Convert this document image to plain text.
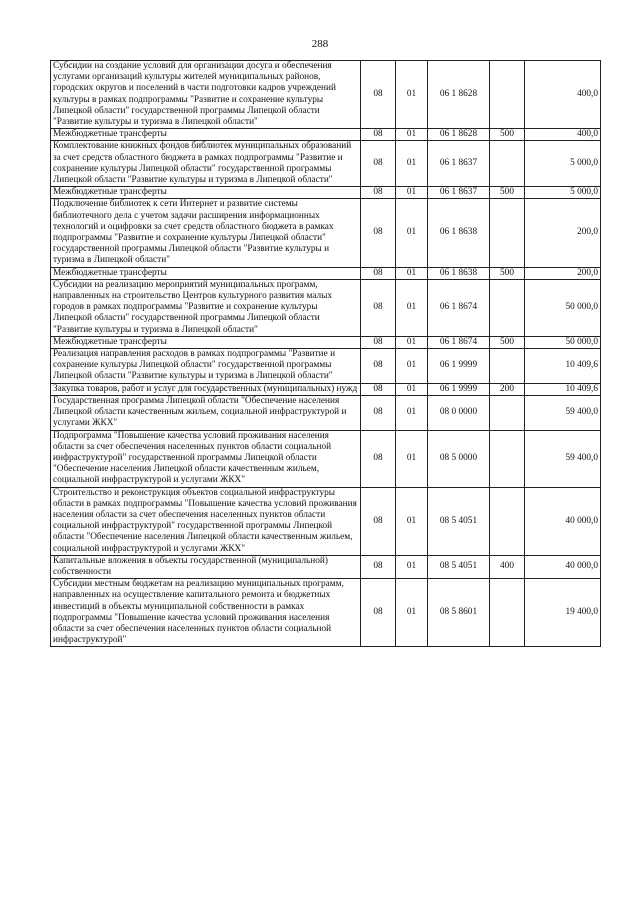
288
Субсидии на создание условий для организации досуга и обеспечения услугами организаций культуры жителей муниципальных районов, городских округов и поселений в части подготовки кадров учреждений культуры в рамках подпрограммы "Развитие и сохранение культуры Липецкой области" государственной программы Липецкой области "Развитие культуры и туризма в Липецкой области"	08	01	06 1 8628		400,0
Межбюджетные трансферты	08	01	06 1 8628	500	400,0
Комплектование книжных фондов библиотек муниципальных образований за счет средств областного бюджета в рамках подпрограммы "Развитие и сохранение культуры Липецкой области" государственной программы Липецкой области "Развитие культуры и туризма в Липецкой области"	08	01	06 1 8637		5 000,0
Межбюджетные трансферты	08	01	06 1 8637	500	5 000,0
Подключение библиотек к сети Интернет и развитие системы библиотечного дела с учетом задачи расширения информационных технологий и оцифровки за счет средств областного бюджета в рамках подпрограммы "Развитие и сохранение культуры Липецкой области" государственной программы Липецкой области "Развитие культуры и туризма в Липецкой области"	08	01	06 1 8638		200,0
Межбюджетные трансферты	08	01	06 1 8638	500	200,0
Субсидии на реализацию мероприятий муниципальных программ, направленных на строительство Центров культурного развития малых городов в рамках подпрограммы "Развитие и сохранение культуры Липецкой области" государственной программы Липецкой области "Развитие культуры и туризма в Липецкой области"	08	01	06 1 8674		50 000,0
Межбюджетные трансферты	08	01	06 1 8674	500	50 000,0
Реализация направления расходов в рамках подпрограммы "Развитие и сохранение культуры Липецкой области" государственной программы Липецкой области "Развитие культуры и туризма в Липецкой области"	08	01	06 1 9999		10 409,6
Закупка товаров, работ и услуг для государственных (муниципальных) нужд	08	01	06 1 9999	200	10 409,6
Государственная программа Липецкой области "Обеспечение населения Липецкой области качественным жильем, социальной инфраструктурой и услугами ЖКХ"	08	01	08 0 0000		59 400,0
Подпрограмма "Повышение качества условий проживания населения области за счет обеспечения населенных пунктов области социальной инфраструктурой" государственной программы Липецкой области "Обеспечение населения Липецкой области качественным жильем, социальной инфраструктурой и услугами ЖКХ"	08	01	08 5 0000		59 400,0
Строительство и реконструкция объектов социальной инфраструктуры области в рамках подпрограммы "Повышение качества условий проживания населения области за счет обеспечения населенных пунктов области социальной инфраструктурой" государственной программы Липецкой области "Обеспечение населения Липецкой области качественным жильем, социальной инфраструктурой и услугами ЖКХ"	08	01	08 5 4051		40 000,0
Капитальные вложения в объекты государственной (муниципальной) собственности	08	01	08 5 4051	400	40 000,0
Субсидии местным бюджетам на реализацию муниципальных программ, направленных на осуществление капитального ремонта и бюджетных инвестиций в объекты муниципальной собственности в рамках подпрограммы "Повышение качества условий проживания населения области за счет обеспечения населенных пунктов области социальной инфраструктурой"	08	01	08 5 8601		19 400,0
